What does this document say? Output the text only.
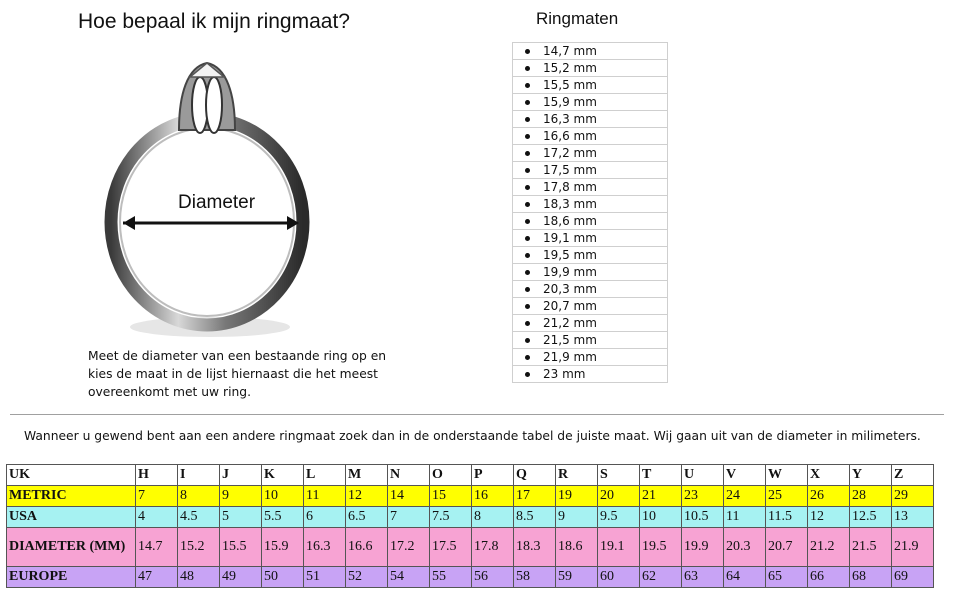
Hoe bepaal ik mijn ringmaat?
Diameter
Meet de diameter van een bestaande ring op en kies de maat in de lijst hiernaast die het meest overeenkomt met uw ring.
Ringmaten
14,7 mm
15,2 mm
15,5 mm
15,9 mm
16,3 mm
16,6 mm
17,2 mm
17,5 mm
17,8 mm
18,3 mm
18,6 mm
19,1 mm
19,5 mm
19,9 mm
20,3 mm
20,7 mm
21,2 mm
21,5 mm
21,9 mm
23 mm
Wanneer u gewend bent aan een andere ringmaat zoek dan in de onderstaande tabel de juiste maat. Wij gaan uit van de diameter in milimeters.
UK	H	I	J	K	L	M	N	O	P	Q	R	S	T	U	V	W	X	Y	Z
METRIC	7	8	9	10	11	12	14	15	16	17	19	20	21	23	24	25	26	28	29
USA	4	4.5	5	5.5	6	6.5	7	7.5	8	8.5	9	9.5	10	10.5	11	11.5	12	12.5	13
DIAMETER (MM)	14.7	15.2	15.5	15.9	16.3	16.6	17.2	17.5	17.8	18.3	18.6	19.1	19.5	19.9	20.3	20.7	21.2	21.5	21.9
EUROPE	47	48	49	50	51	52	54	55	56	58	59	60	62	63	64	65	66	68	69
